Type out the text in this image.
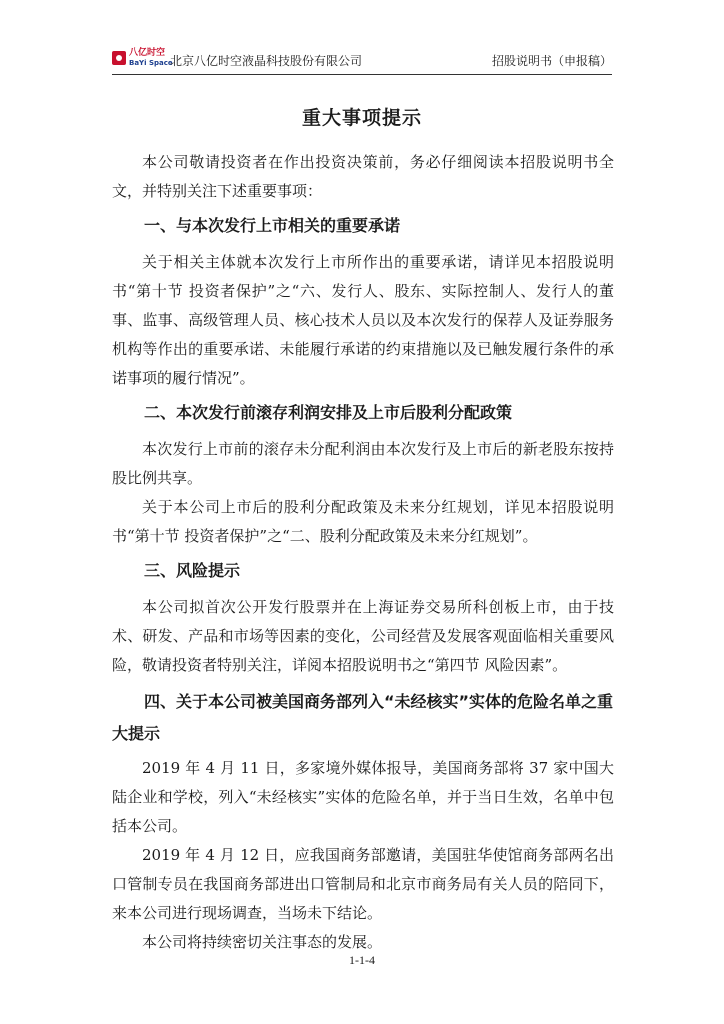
八亿时空
BaYi Space
北京八亿时空液晶科技股份有限公司	招股说明书（申报稿）
重大事项提示

本公司敬请投资者在作出投资决策前，务必仔细阅读本招股说明书全文，并特别关注下述重要事项：

一、与本次发行上市相关的重要承诺

关于相关主体就本次发行上市所作出的重要承诺，请详见本招股说明书“第十节 投资者保护”之“六、发行人、股东、实际控制人、发行人的董事、监事、高级管理人员、核心技术人员以及本次发行的保荐人及证券服务机构等作出的重要承诺、未能履行承诺的约束措施以及已触发履行条件的承诺事项的履行情况”。

二、本次发行前滚存利润安排及上市后股利分配政策

本次发行上市前的滚存未分配利润由本次发行及上市后的新老股东按持股比例共享。

关于本公司上市后的股利分配政策及未来分红规划，详见本招股说明书“第十节 投资者保护”之“二、股利分配政策及未来分红规划”。

三、风险提示

本公司拟首次公开发行股票并在上海证券交易所科创板上市，由于技术、研发、产品和市场等因素的变化，公司经营及发展客观面临相关重要风险，敬请投资者特别关注，详阅本招股说明书之“第四节 风险因素”。

四、关于本公司被美国商务部列入“未经核实”实体的危险名单之重大提示

2019 年 4 月 11 日，多家境外媒体报导，美国商务部将 37 家中国大陆企业和学校，列入“未经核实”实体的危险名单，并于当日生效，名单中包括本公司。

2019 年 4 月 12 日，应我国商务部邀请，美国驻华使馆商务部两名出口管制专员在我国商务部进出口管制局和北京市商务局有关人员的陪同下，来本公司进行现场调查，当场未下结论。

本公司将持续密切关注事态的发展。

1-1-4
